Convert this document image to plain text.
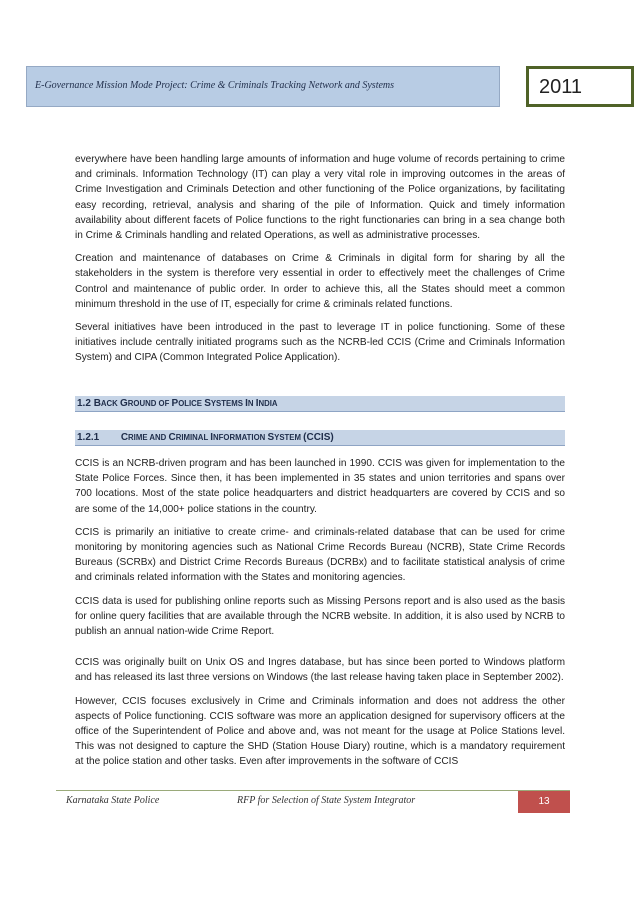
E-Governance Mission Mode Project: Crime & Criminals Tracking Network and Systems	2011

everywhere have been handling large amounts of information and huge volume of records pertaining to crime and criminals. Information Technology (IT) can play a very vital role in improving outcomes in the areas of Crime Investigation and Criminals Detection and other functioning of the Police organizations, by facilitating easy recording, retrieval, analysis and sharing of the pile of Information. Quick and timely information availability about different facets of Police functions to the right functionaries can bring in a sea change both in Crime & Criminals handling and related Operations, as well as administrative processes.

Creation and maintenance of databases on Crime & Criminals in digital form for sharing by all the stakeholders in the system is therefore very essential in order to effectively meet the challenges of Crime Control and maintenance of public order. In order to achieve this, all the States should meet a common minimum threshold in the use of IT, especially for crime & criminals related functions.

Several initiatives have been introduced in the past to leverage IT in police functioning. Some of these initiatives include centrally initiated programs such as the NCRB-led CCIS (Crime and Criminals Information System) and CIPA (Common Integrated Police Application).

1.2 BACK GROUND OF POLICE SYSTEMS IN INDIA
1.2.1 CRIME AND CRIMINAL INFORMATION SYSTEM (CCIS)

CCIS is an NCRB-driven program and has been launched in 1990. CCIS was given for implementation to the State Police Forces. Since then, it has been implemented in 35 states and union territories and spans over 700 locations. Most of the state police headquarters and district headquarters are covered by CCIS and so are some of the 14,000+ police stations in the country.

CCIS is primarily an initiative to create crime- and criminals-related database that can be used for crime monitoring by monitoring agencies such as National Crime Records Bureau (NCRB), State Crime Records Bureaus (SCRBx) and District Crime Records Bureaus (DCRBx) and to facilitate statistical analysis of crime and criminals related information with the States and monitoring agencies.

CCIS data is used for publishing online reports such as Missing Persons report and is also used as the basis for online query facilities that are available through the NCRB website. In addition, it is also used by NCRB to publish an annual nation-wide Crime Report.

CCIS was originally built on Unix OS and Ingres database, but has since been ported to Windows platform and has released its last three versions on Windows (the last release having taken place in September 2002).

However, CCIS focuses exclusively in Crime and Criminals information and does not address the other aspects of Police functioning. CCIS software was more an application designed for supervisory officers at the office of the Superintendent of Police and above and, was not meant for the usage at Police Stations level. This was not designed to capture the SHD (Station House Diary) routine, which is a mandatory requirement at the police station and other tasks. Even after improvements in the software of CCIS

Karnataka State Police	RFP for Selection of State System Integrator	13
